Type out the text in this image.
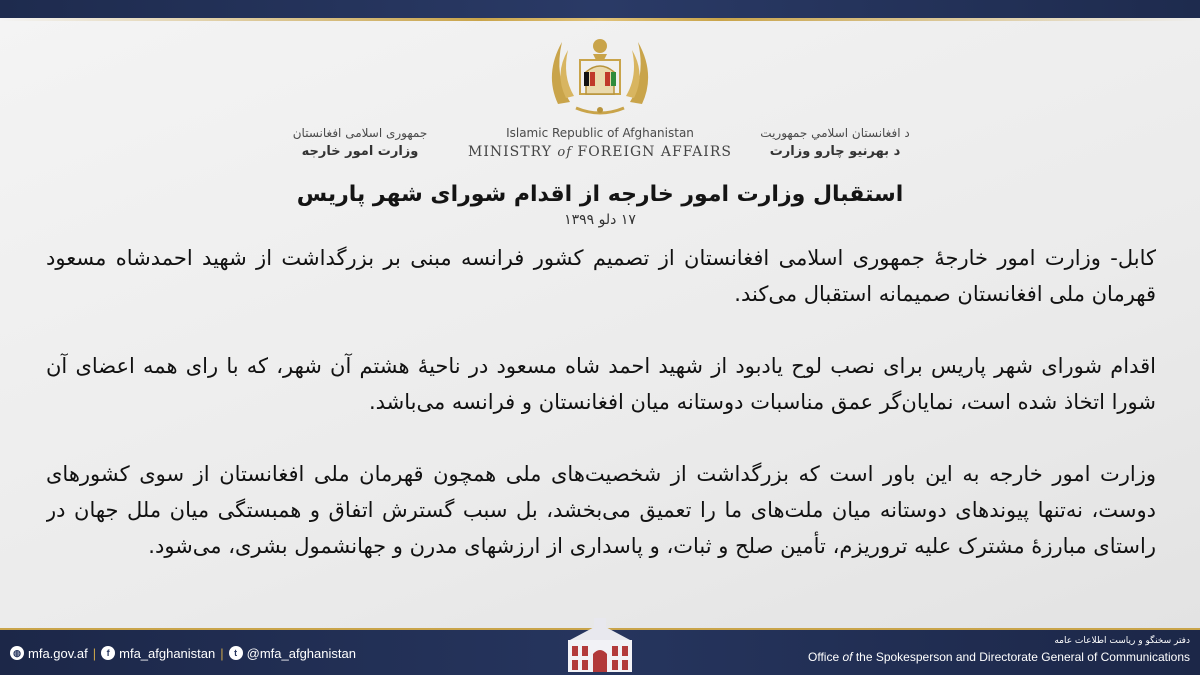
جمهوری اسلامی افغانستان
وزارت امور خارجه
Islamic Republic of Afghanistan
MINISTRY of FOREIGN AFFAIRS
د افغانستان اسلامي جمهوریت
د بهرنیو چارو وزارت
استقبال وزارت امور خارجه از اقدام شورای شهر پاریس
۱۷ دلو ۱۳۹۹

کابل- وزارت امور خارجهٔ جمهوری اسلامی افغانستان از تصمیم کشور فرانسه مبنی بر بزرگداشت از شهید احمدشاه مسعود قهرمان ملی افغانستان صمیمانه استقبال می‌کند.

اقدام شورای شهر پاریس برای نصب لوح یادبود از شهید احمد شاه مسعود در ناحیهٔ هشتم آن شهر، که با رای همه اعضای آن شورا اتخاذ شده است، نمایان‌گر عمق مناسبات دوستانه میان افغانستان و فرانسه می‌باشد.

وزارت امور خارجه به این باور است که بزرگداشت از شخصیت‌های ملی همچون قهرمان ملی افغانستان از سوی کشورهای دوست، نه‌تنها پیوندهای دوستانه میان ملت‌های ما را تعمیق می‌بخشد، بل سبب گسترش اتفاق و همبستگی میان ملل جهان در راستای مبارزهٔ مشترک علیه تروریزم، تأمین صلح و ثبات، و پاسداری از ارزشهای مدرن و جهانشمول بشری، می‌شود.

◍ mfa.gov.af |	f mfa_afghanistan |	t @mfa_afghanistan
دفتر سخنگو و ریاست اطلاعات عامه
Office of the Spokesperson and Directorate General of Communications
